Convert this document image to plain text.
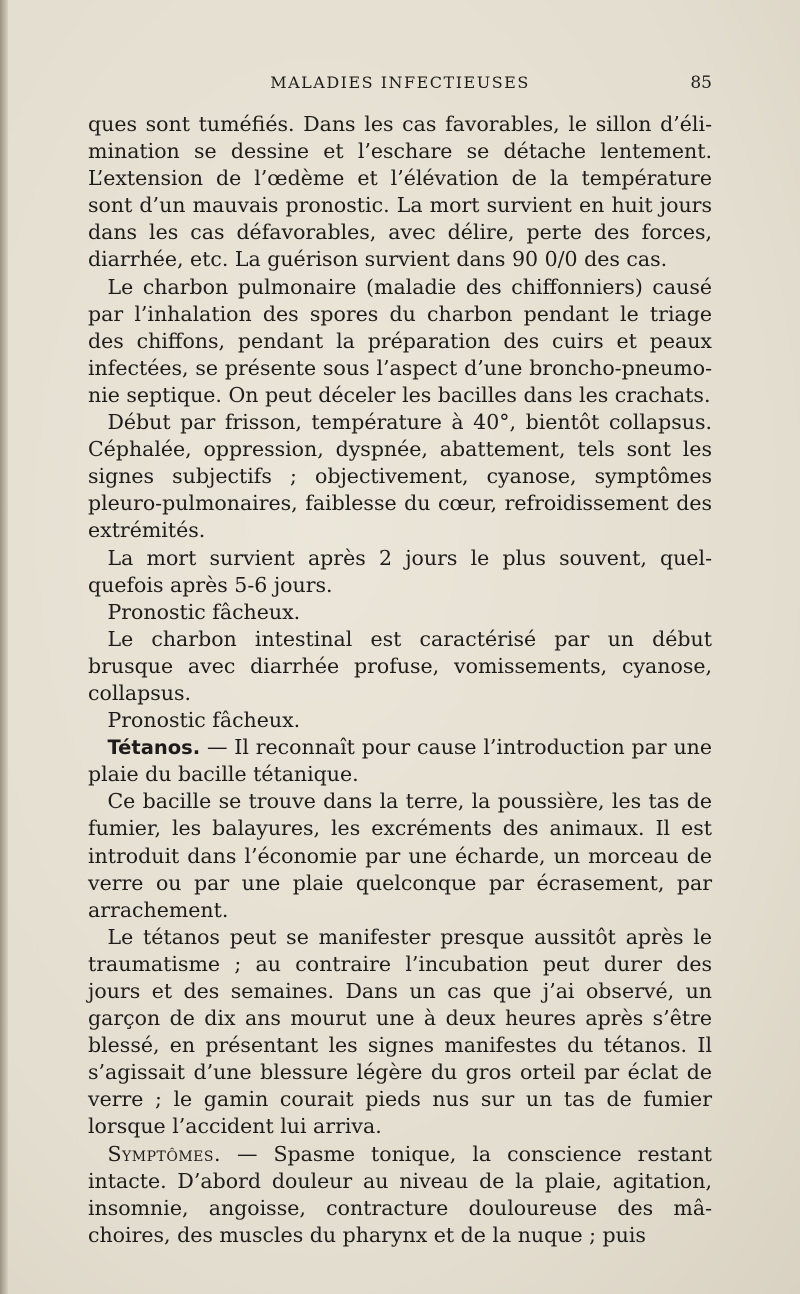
MALADIES INFECTIEUSES	85

ques sont tuméfiés. Dans les cas favorables, le sillon d’élimination se dessine et l’eschare se détache lentement. L’extension de l’œdème et l’élévation de la température sont d’un mauvais pronostic. La mort survient en huit jours dans les cas défavorables, avec délire, perte des forces, diarrhée, etc. La guérison survient dans 90 0/0 des cas.

Le charbon pulmonaire (maladie des chiffonniers) causé par l’inhalation des spores du charbon pendant le triage des chiffons, pendant la préparation des cuirs et peaux infectées, se présente sous l’aspect d’une broncho-pneumonie septique. On peut déceler les bacilles dans les crachats.

Début par frisson, température à 40°, bientôt collapsus. Céphalée, oppression, dyspnée, abattement, tels sont les signes subjectifs ; objectivement, cyanose, symptômes pleuro-pulmonaires, faiblesse du cœur, refroidissement des extrémités.

La mort survient après 2 jours le plus souvent, quelquefois après 5-6 jours.

Pronostic fâcheux.

Le charbon intestinal est caractérisé par un début brusque avec diarrhée profuse, vomissements, cyanose, collapsus.

Pronostic fâcheux.

Tétanos. — Il reconnaît pour cause l’introduction par une plaie du bacille tétanique.

Ce bacille se trouve dans la terre, la poussière, les tas de fumier, les balayures, les excréments des animaux. Il est introduit dans l’économie par une écharde, un morceau de verre ou par une plaie quelconque par écrasement, par arrachement.

Le tétanos peut se manifester presque aussitôt après le traumatisme ; au contraire l’incubation peut durer des jours et des semaines. Dans un cas que j’ai observé, un garçon de dix ans mourut une à deux heures après s’être blessé, en présentant les signes manifestes du tétanos. Il s’agissait d’une blessure légère du gros orteil par éclat de verre ; le gamin courait pieds nus sur un tas de fumier lorsque l’accident lui arriva.

Symptômes. — Spasme tonique, la conscience restant intacte. D’abord douleur au niveau de la plaie, agitation, insomnie, angoisse, contracture douloureuse des mâchoires, des muscles du pharynx et de la nuque ; puis
